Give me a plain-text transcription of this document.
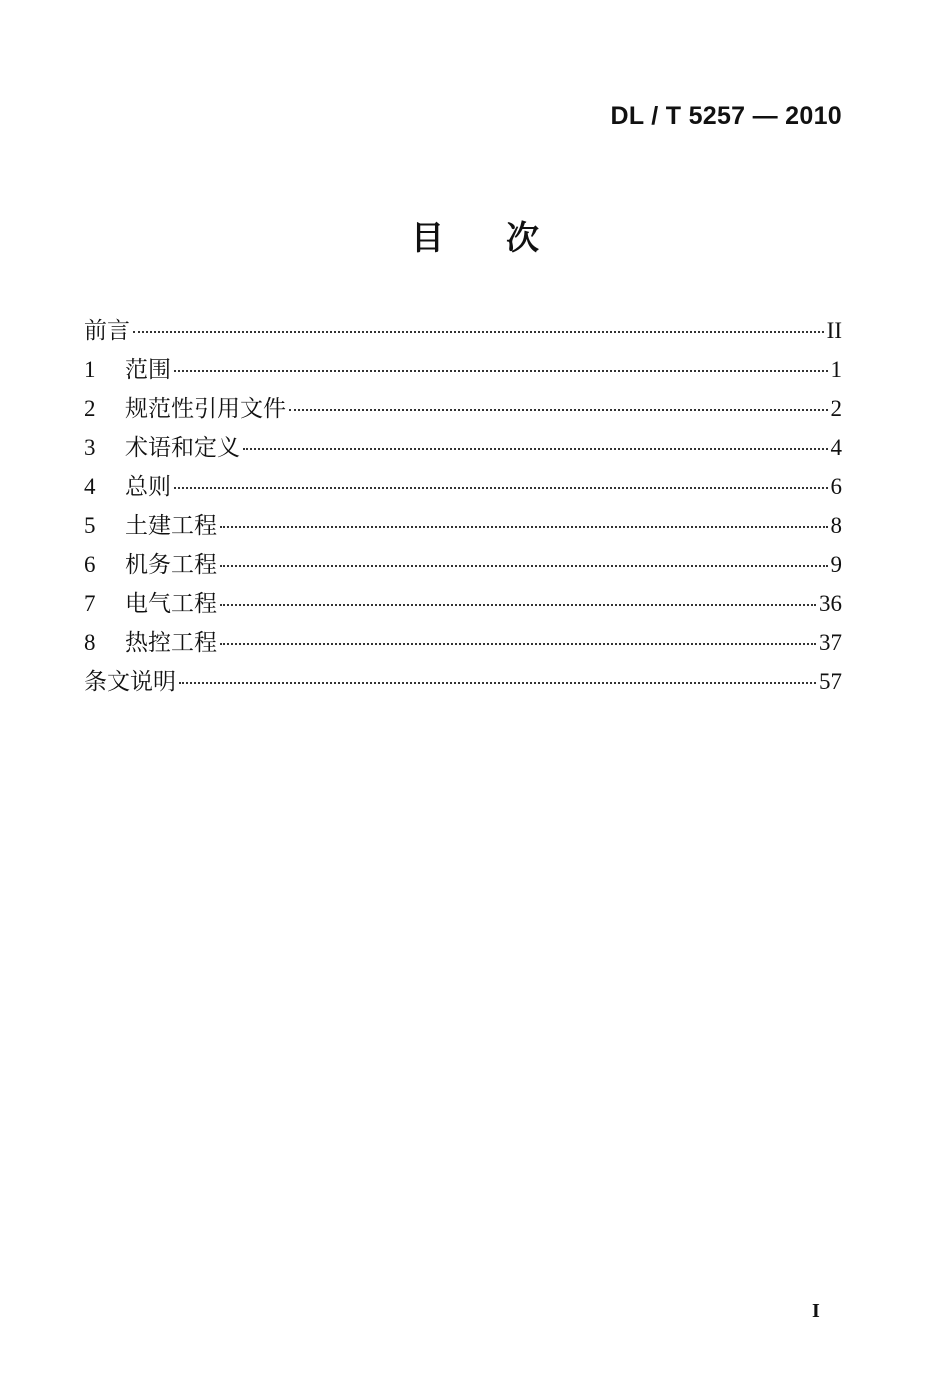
DL / T 5257 — 2010
目次
前言	II
1	范围	1
2	规范性引用文件	2
3	术语和定义	4
4	总则	6
5	土建工程	8
6	机务工程	9
7	电气工程	36
8	热控工程	37
条文说明	57
I
